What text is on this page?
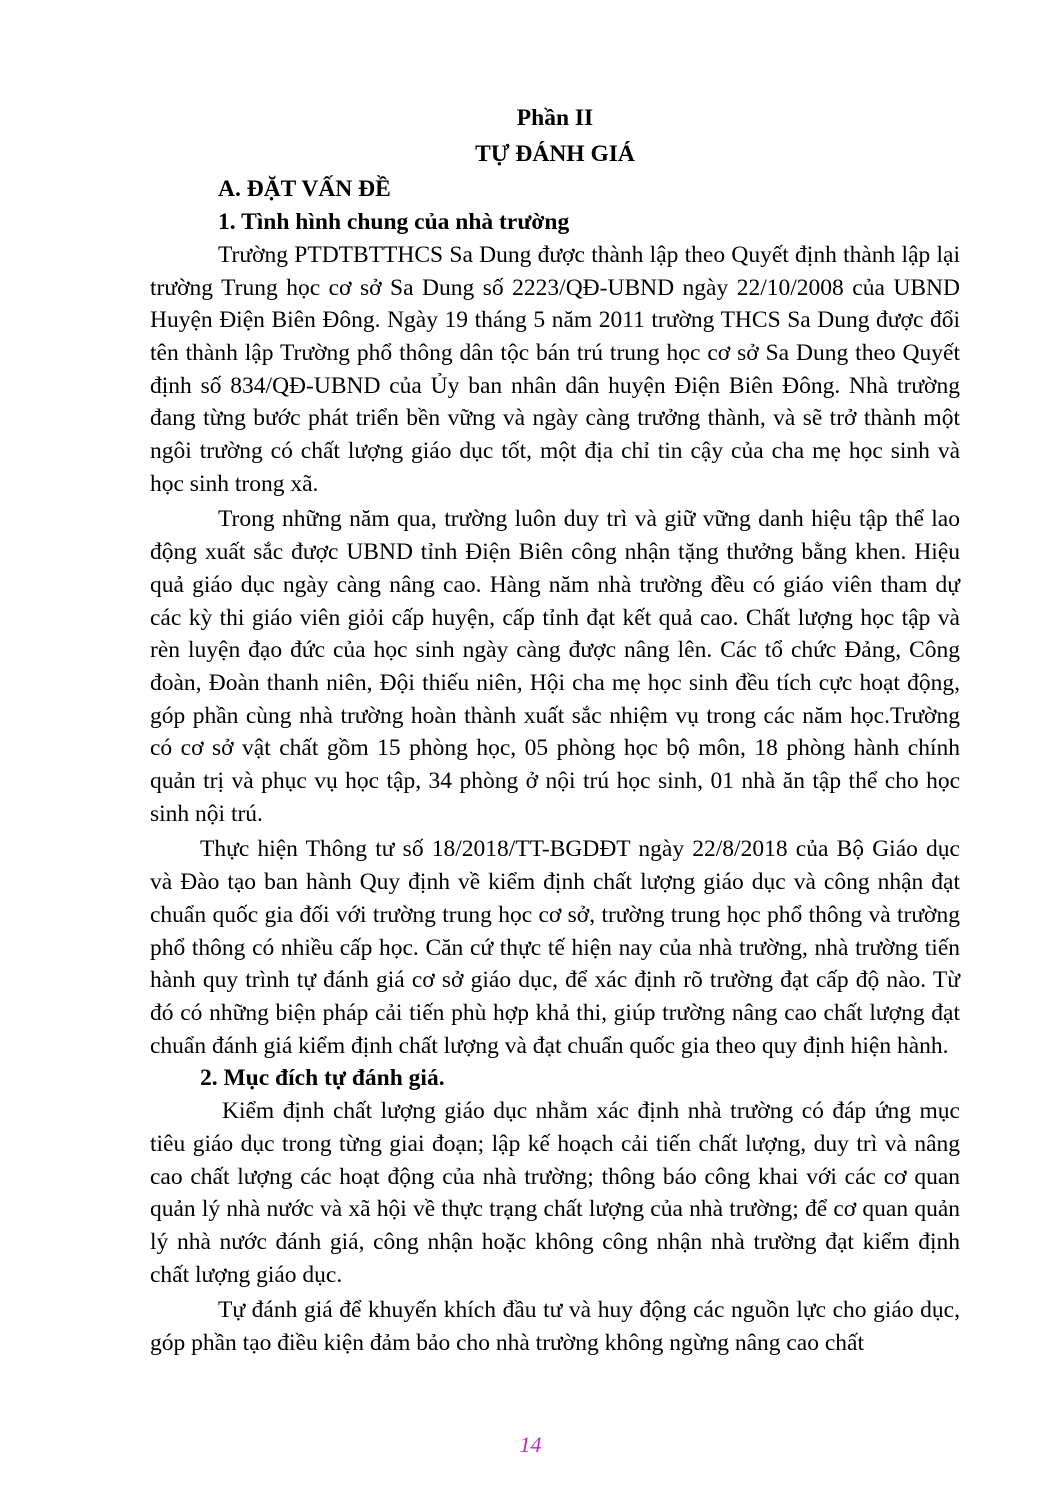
Phần II

TỰ ĐÁNH GIÁ

A. ĐẶT VẤN ĐỀ

1. Tình hình chung của nhà trường

Trường PTDTBTTHCS Sa Dung được thành lập theo Quyết định thành lập lại trường Trung học cơ sở Sa Dung số 2223/QĐ-UBND ngày 22/10/2008 của UBND Huyện Điện Biên Đông. Ngày 19 tháng 5 năm 2011 trường THCS Sa Dung được đổi tên thành lập Trường phổ thông dân tộc bán trú trung học cơ sở Sa Dung theo Quyết định số 834/QĐ-UBND của Ủy ban nhân dân huyện Điện Biên Đông. Nhà trường đang từng bước phát triển bền vững và ngày càng trưởng thành, và sẽ trở thành một ngôi trường có chất lượng giáo dục tốt, một địa chỉ tin cậy của cha mẹ học sinh và học sinh trong xã.

Trong những năm qua, trường luôn duy trì và giữ vững danh hiệu tập thể lao động xuất sắc được UBND tỉnh Điện Biên công nhận tặng thưởng bằng khen. Hiệu quả giáo dục ngày càng nâng cao. Hàng năm nhà trường đều có giáo viên tham dự các kỳ thi giáo viên giỏi cấp huyện, cấp tỉnh đạt kết quả cao. Chất lượng học tập và rèn luyện đạo đức của học sinh ngày càng được nâng lên. Các tổ chức Đảng, Công đoàn, Đoàn thanh niên, Đội thiếu niên, Hội cha mẹ học sinh đều tích cực hoạt động, góp phần cùng nhà trường hoàn thành xuất sắc nhiệm vụ trong các năm học.Trường có cơ sở vật chất gồm 15 phòng học, 05 phòng học bộ môn, 18 phòng hành chính quản trị và phục vụ học tập, 34 phòng ở nội trú học sinh, 01 nhà ăn tập thể cho học sinh nội trú.

Thực hiện Thông tư số 18/2018/TT-BGDĐT ngày 22/8/2018 của Bộ Giáo dục và Đào tạo ban hành Quy định về kiểm định chất lượng giáo dục và công nhận đạt chuẩn quốc gia đối với trường trung học cơ sở, trường trung học phổ thông và trường phổ thông có nhiều cấp học. Căn cứ thực tế hiện nay của nhà trường, nhà trường tiến hành quy trình tự đánh giá cơ sở giáo dục, để xác định rõ trường đạt cấp độ nào. Từ đó có những biện pháp cải tiến phù hợp khả thi, giúp trường nâng cao chất lượng đạt chuẩn đánh giá kiểm định chất lượng và đạt chuẩn quốc gia theo quy định hiện hành.

2. Mục đích tự đánh giá.

Kiểm định chất lượng giáo dục nhằm xác định nhà trường có đáp ứng mục tiêu giáo dục trong từng giai đoạn; lập kế hoạch cải tiến chất lượng, duy trì và nâng cao chất lượng các hoạt động của nhà trường; thông báo công khai với các cơ quan quản lý nhà nước và xã hội về thực trạng chất lượng của nhà trường; để cơ quan quản lý nhà nước đánh giá, công nhận hoặc không công nhận nhà trường đạt kiểm định chất lượng giáo dục.

Tự đánh giá để khuyến khích đầu tư và huy động các nguồn lực cho giáo dục, góp phần tạo điều kiện đảm bảo cho nhà trường không ngừng nâng cao chất

14
